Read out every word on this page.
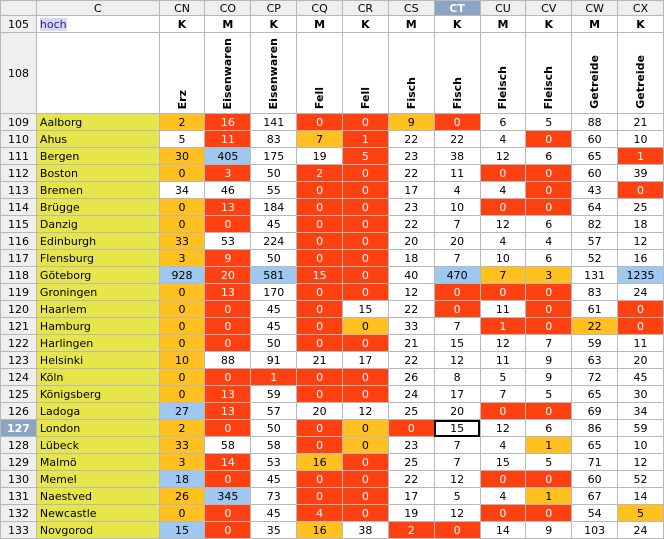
	C	CN	CO	CP	CQ	CR	CS	CT	CU	CV	CW	CX
105	hoch	K	M	K	M	K	M	K	M	K	M	K
108		Erz	Eisenwaren	Eisenwaren	Fell	Fell	Fisch	Fisch	Fleisch	Fleisch	Getreide	Getreide
109	Aalborg	2	16	141	0	0	9	0	6	5	88	21
110	Ahus	5	11	83	7	1	22	22	4	0	60	10
111	Bergen	30	405	175	19	5	23	38	12	6	65	1
112	Boston	0	3	50	2	0	22	11	0	0	60	39
113	Bremen	34	46	55	0	0	17	4	4	0	43	0
114	Brügge	0	13	184	0	0	23	10	0	0	64	25
115	Danzig	0	0	45	0	0	22	7	12	6	82	18
116	Edinburgh	33	53	224	0	0	20	20	4	4	57	12
117	Flensburg	3	9	50	0	0	18	7	10	6	52	16
118	Göteborg	928	20	581	15	0	40	470	7	3	131	1235
119	Groningen	0	13	170	0	0	12	0	0	0	83	24
120	Haarlem	0	0	45	0	15	22	0	11	0	61	0
121	Hamburg	0	0	45	0	0	33	7	1	0	22	0
122	Harlingen	0	0	50	0	0	21	15	12	7	59	11
123	Helsinki	10	88	91	21	17	22	12	11	9	63	20
124	Köln	0	0	1	0	0	26	8	5	9	72	45
125	Königsberg	0	13	59	0	0	24	17	7	5	65	30
126	Ladoga	27	13	57	20	12	25	20	0	0	69	34
127	London	2	0	50	0	0	0	15	12	6	86	59
128	Lübeck	33	58	58	0	0	23	7	4	1	65	10
129	Malmö	3	14	53	16	0	25	7	15	5	71	12
130	Memel	18	0	45	0	0	22	12	0	0	60	52
131	Naestved	26	345	73	0	0	17	5	4	1	67	14
132	Newcastle	0	0	45	4	0	19	12	0	0	54	5
133	Novgorod	15	0	35	16	38	2	0	14	9	103	24
